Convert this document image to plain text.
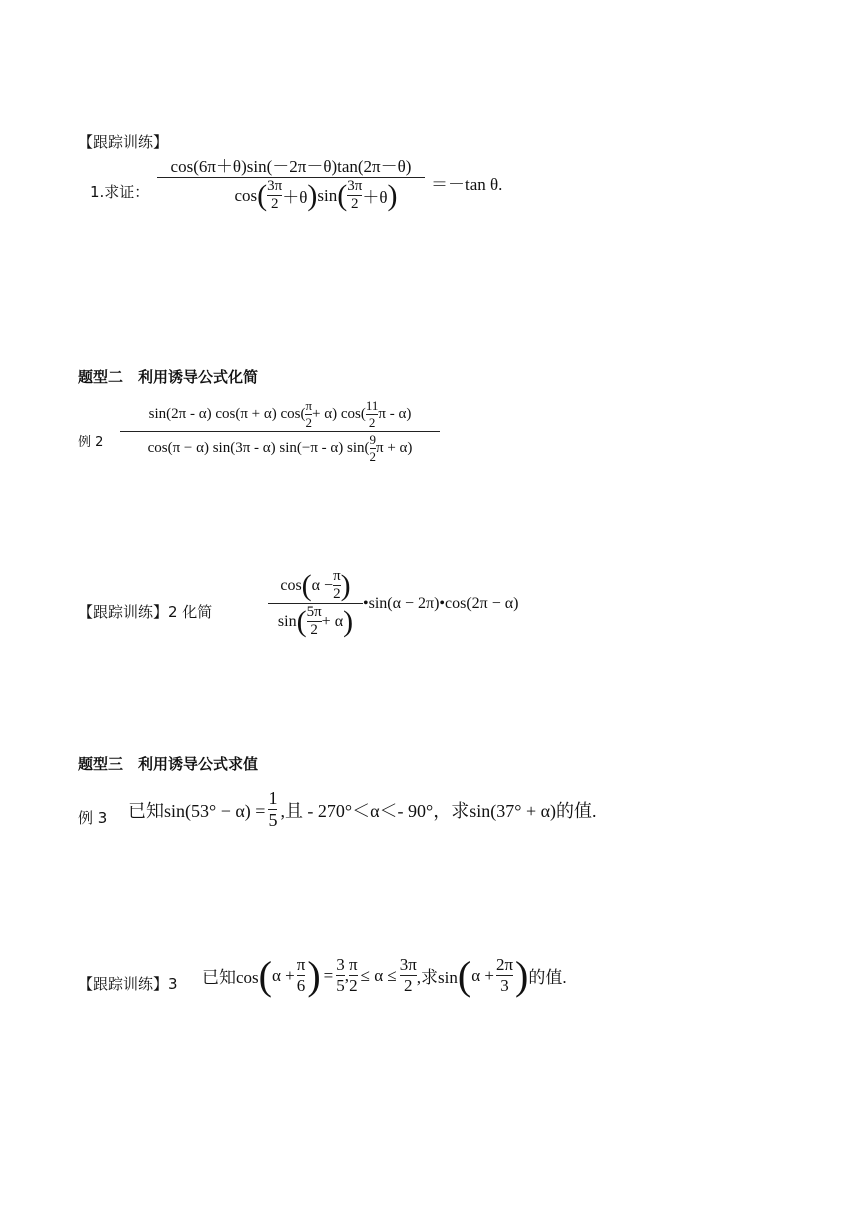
【跟踪训练】
1.求证：
cos(6π＋θ)sin(－2π－θ)tan(2π－θ)
cos ( $\frac{3\pi}{2} +\theta$ ) sin ( $\frac{3\pi}{2} +\theta$ ) ＝－tan θ.
题型二　利用诱导公式化简
例 2
sin(2π - α) cos(π + α) $\cos( \frac{\pi}{2} + \alpha)$ $\cos( \frac{11}{2}$ π - α)
cos(π − α) sin(3π - α) sin(−π - α) $\sin( \frac{9}{2}$ π + α)
【跟踪训练】2 化简	$\frac{\cos ( \alpha - \frac{\pi}{2} )}{\sin ( \frac{5\pi}{2} + \alpha )}$ •sin(α − 2π)•cos(2π − α)
题型三　利用诱导公式求值
例 3 已知$\sin(53^\circ - \alpha) = \frac{1}{5}$ ,且 - 270°＜α＜- 90°，求sin(37° + α)的值.
【跟踪训练】3 已知cos ( $\alpha + \frac{\pi}{6}$ ) = $\frac{3}{5}$ , $\frac{\pi}{2} \le \alpha \le \frac{3\pi}{2}$ ,求sin ( $\alpha + \frac{2\pi}{3}$ ) 的值.
